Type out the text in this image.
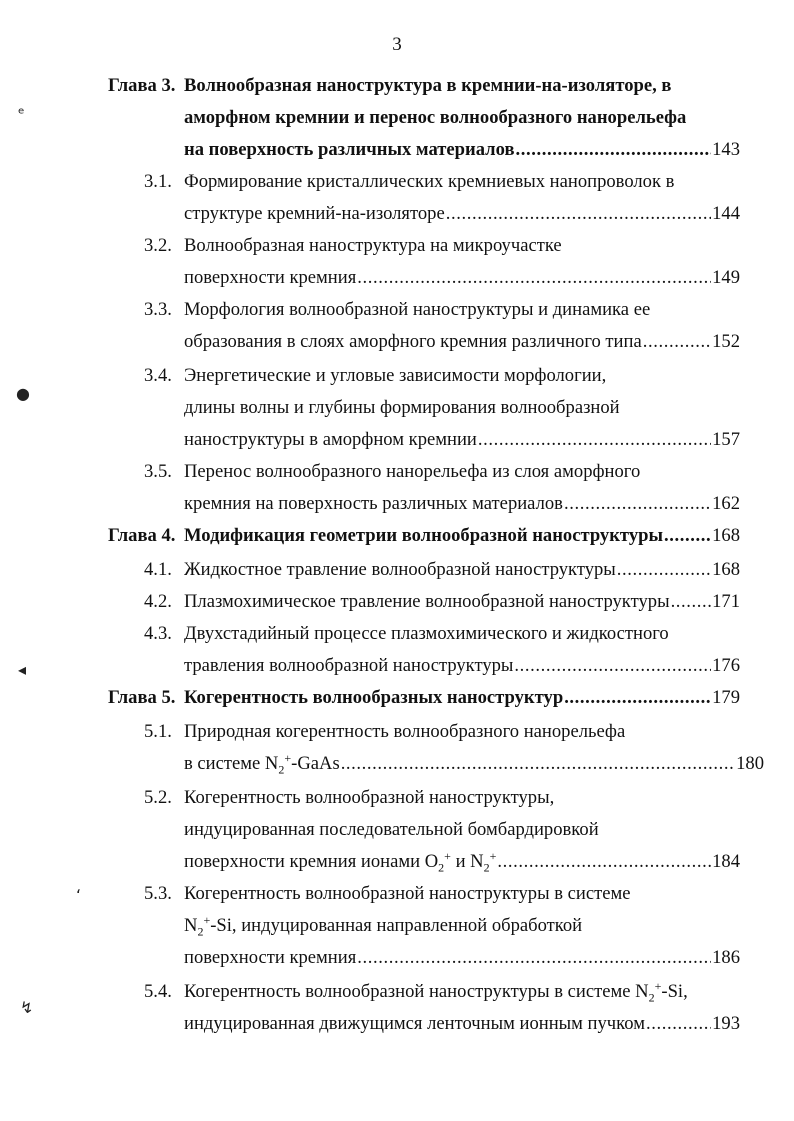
3
ᵉ
●
◂
ʻ
↯
Глава 3. Волнообразная наноструктура в кремнии-на-изоляторе, в
аморфном кремнии и перенос волнообразного нанорельефа
на поверхность различных материалов .....	143
3.1. Формирование кристаллических кремниевых нанопроволок в
структуре кремний-на-изоляторе .....	144
3.2. Волнообразная наноструктура на микроучастке
поверхности кремния .....	149
3.3. Морфология волнообразной наноструктуры и динамика ее
образования в слоях аморфного кремния различного типа .....	152
3.4. Энергетические и угловые зависимости морфологии,
длины волны и глубины формирования волнообразной
наноструктуры в аморфном кремнии .....	157
3.5. Перенос волнообразного нанорельефа из слоя аморфного
кремния на поверхность различных материалов .....	162
Глава 4. Модификация геометрии волнообразной наноструктуры .....	168
4.1. Жидкостное травление волнообразной наноструктуры .....	168
4.2. Плазмохимическое травление волнообразной наноструктуры ..... 171
4.3. Двухстадийный процессе плазмохимического и жидкостного
травления волнообразной наноструктуры .....	176
Глава 5. Когерентность волнообразных наноструктур .....	179
5.1. Природная когерентность волнообразного нанорельефа
в системе $N_2^+$-GaAs .....	180
5.2. Когерентность волнообразной наноструктуры,
индуцированная последовательной бомбардировкой
поверхности кремния ионами $O_2^+$ и $N_2^+$ .....	184
5.3. Когерентность волнообразной наноструктуры в системе
$N_2^+-Si$, индуцированная направленной обработкой
поверхности кремния .....	186
5.4. Когерентность волнообразной наноструктуры в системе $N_2^+-Si$,
индуцированная движущимся ленточным ионным пучком .....	193
